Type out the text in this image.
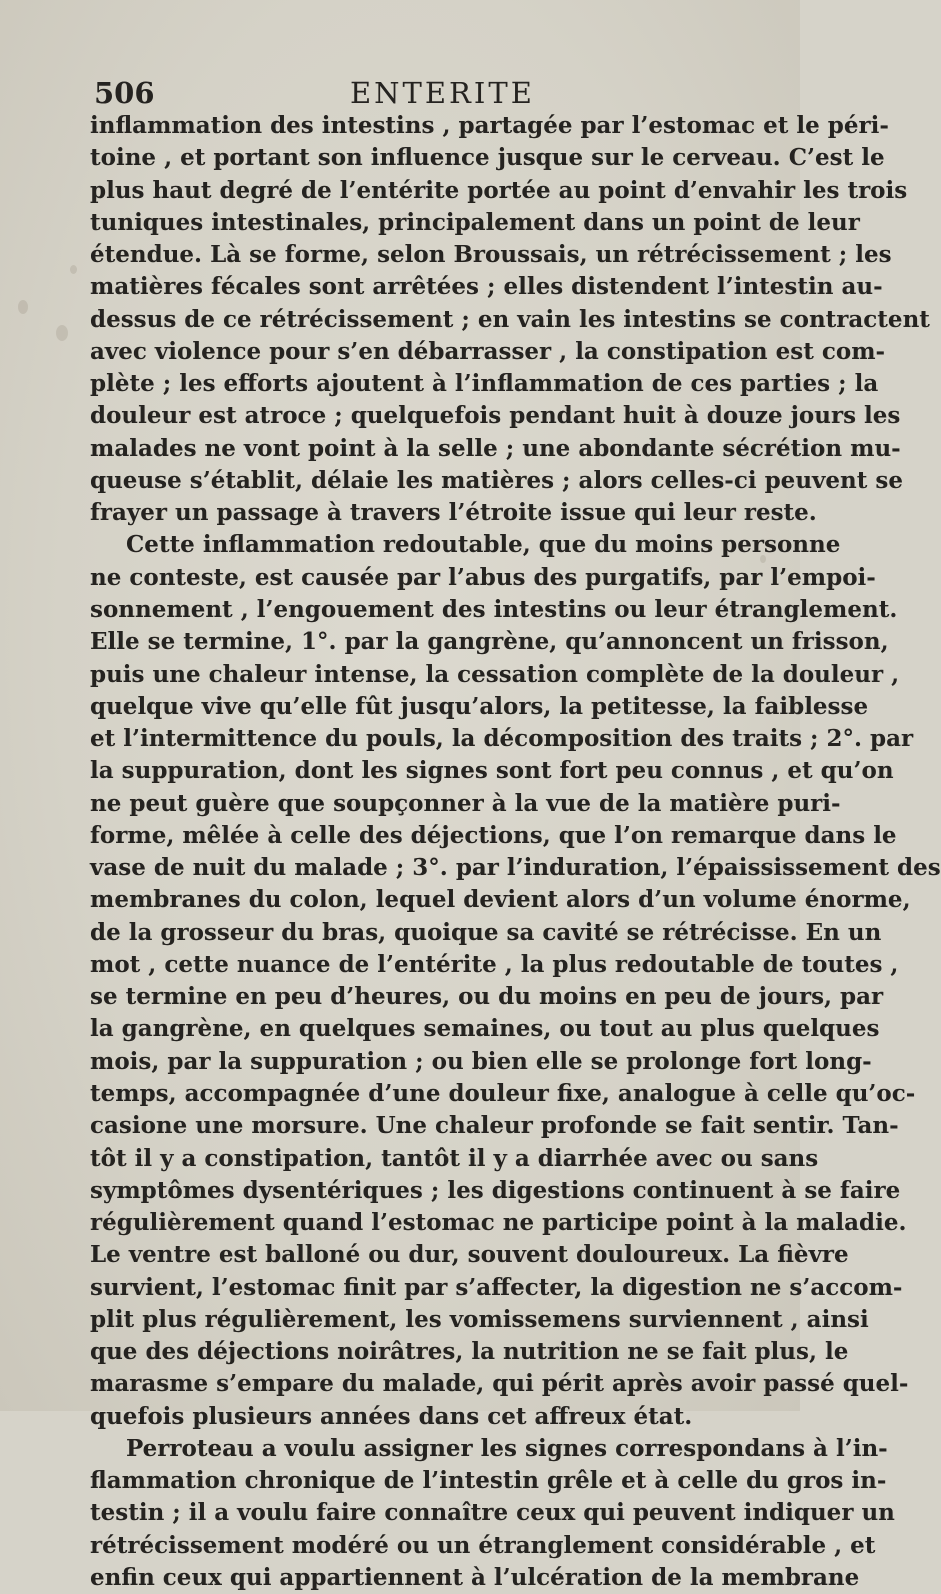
506	ENTERITE
inflammation des intestins , partagée par l’estomac et le péri-
toine , et portant son influence jusque sur le cerveau. C’est le
plus haut degré de l’entérite portée au point d’envahir les trois
tuniques intestinales, principalement dans un point de leur
étendue. Là se forme, selon Broussais, un rétrécissement ; les
matières fécales sont arrêtées ; elles distendent l’intestin au-
dessus de ce rétrécissement ; en vain les intestins se contractent
avec violence pour s’en débarrasser , la constipation est com-
plète ; les efforts ajoutent à l’inflammation de ces parties ; la
douleur est atroce ; quelquefois pendant huit à douze jours les
malades ne vont point à la selle ; une abondante sécrétion mu-
queuse s’établit, délaie les matières ; alors celles-ci peuvent se
frayer un passage à travers l’étroite issue qui leur reste.
Cette inflammation redoutable, que du moins personne
ne conteste, est causée par l’abus des purgatifs, par l’empoi-
sonnement , l’engouement des intestins ou leur étranglement.
Elle se termine, 1°. par la gangrène, qu’annoncent un frisson,
puis une chaleur intense, la cessation complète de la douleur ,
quelque vive qu’elle fût jusqu’alors, la petitesse, la faiblesse
et l’intermittence du pouls, la décomposition des traits ; 2°. par
la suppuration, dont les signes sont fort peu connus , et qu’on
ne peut guère que soupçonner à la vue de la matière puri-
forme, mêlée à celle des déjections, que l’on remarque dans le
vase de nuit du malade ; 3°. par l’induration, l’épaississement des
membranes du colon, lequel devient alors d’un volume énorme,
de la grosseur du bras, quoique sa cavité se rétrécisse. En un
mot , cette nuance de l’entérite , la plus redoutable de toutes ,
se termine en peu d’heures, ou du moins en peu de jours, par
la gangrène, en quelques semaines, ou tout au plus quelques
mois, par la suppuration ; ou bien elle se prolonge fort long-
temps, accompagnée d’une douleur fixe, analogue à celle qu’oc-
casione une morsure. Une chaleur profonde se fait sentir. Tan-
tôt il y a constipation, tantôt il y a diarrhée avec ou sans
symptômes dysentériques ; les digestions continuent à se faire
régulièrement quand l’estomac ne participe point à la maladie.
Le ventre est balloné ou dur, souvent douloureux. La fièvre
survient, l’estomac finit par s’affecter, la digestion ne s’accom-
plit plus régulièrement, les vomissemens surviennent , ainsi
que des déjections noirâtres, la nutrition ne se fait plus, le
marasme s’empare du malade, qui périt après avoir passé quel-
quefois plusieurs années dans cet affreux état.
Perroteau a voulu assigner les signes correspondans à l’in-
flammation chronique de l’intestin grêle et à celle du gros in-
testin ; il a voulu faire connaître ceux qui peuvent indiquer un
rétrécissement modéré ou un étranglement considérable , et
enfin ceux qui appartiennent à l’ulcération de la membrane
